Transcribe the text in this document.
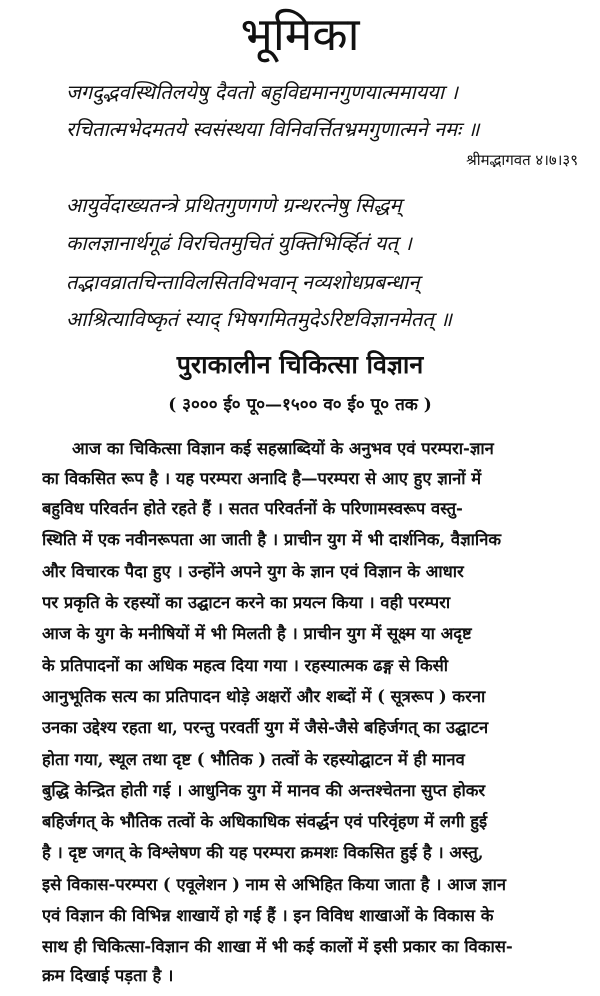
भूमिका
जगदुद्भवस्थितिलयेषु दैवतो बहुविद्यमानगुणयात्ममायया ।
रचितात्मभेदमतये स्वसंस्थया विनिवर्त्तितभ्रमगुणात्मने नमः ॥
श्रीमद्भागवत ४।७।३९
आयुर्वेदाख्यतन्त्रे प्रथितगुणगणे ग्रन्थरत्नेषु सिद्धम्
कालज्ञानार्थगूढं विरचितमुचितं युक्तिभिर्व्हितं यत् ।
तद्भावव्रातचिन्ताविलसितविभवान् नव्यशोधप्रबन्धान्
आश्रित्याविष्कृतं स्याद् भिषगमितमुदेऽरिष्टविज्ञानमेतत् ॥
पुराकालीन चिकित्सा विज्ञान
( ३००० ई० पू०—१५०० व० ई० पू० तक )
आज का चिकित्सा विज्ञान कई सहस्राब्दियों के अनुभव एवं परम्परा-ज्ञान
का विकसित रूप है । यह परम्परा अनादि है—परम्परा से आए हुए ज्ञानों में
बहुविध परिवर्तन होते रहते हैं । सतत परिवर्तनों के परिणामस्वरूप वस्तु-
स्थिति में एक नवीनरूपता आ जाती है । प्राचीन युग में भी दार्शनिक, वैज्ञानिक
और विचारक पैदा हुए । उन्होंने अपने युग के ज्ञान एवं विज्ञान के आधार
पर प्रकृति के रहस्यों का उद्घाटन करने का प्रयत्न किया । वही परम्परा
आज के युग के मनीषियों में भी मिलती है । प्राचीन युग में सूक्ष्म या अदृष्ट
के प्रतिपादनों का अधिक महत्व दिया गया । रहस्यात्मक ढङ्ग से किसी
आनुभूतिक सत्य का प्रतिपादन थोड़े अक्षरों और शब्दों में ( सूत्ररूप ) करना
उनका उद्देश्य रहता था, परन्तु परवर्ती युग में जैसे-जैसे बहिर्जगत् का उद्घाटन
होता गया, स्थूल तथा दृष्ट ( भौतिक ) तत्वों के रहस्योद्घाटन में ही मानव
बुद्धि केन्द्रित होती गई । आधुनिक युग में मानव की अन्तश्चेतना सुप्त होकर
बहिर्जगत् के भौतिक तत्वों के अधिकाधिक संवर्द्धन एवं परिवृंहण में लगी हुई
है । दृष्ट जगत् के विश्लेषण की यह परम्परा क्रमशः विकसित हुई है । अस्तु,
इसे विकास-परम्परा ( एवूलेशन ) नाम से अभिहित किया जाता है । आज ज्ञान
एवं विज्ञान की विभिन्न शाखायें हो गई हैं । इन विविध शाखाओं के विकास के
साथ ही चिकित्सा-विज्ञान की शाखा में भी कई कालों में इसी प्रकार का विकास-
क्रम दिखाई पड़ता है ।
